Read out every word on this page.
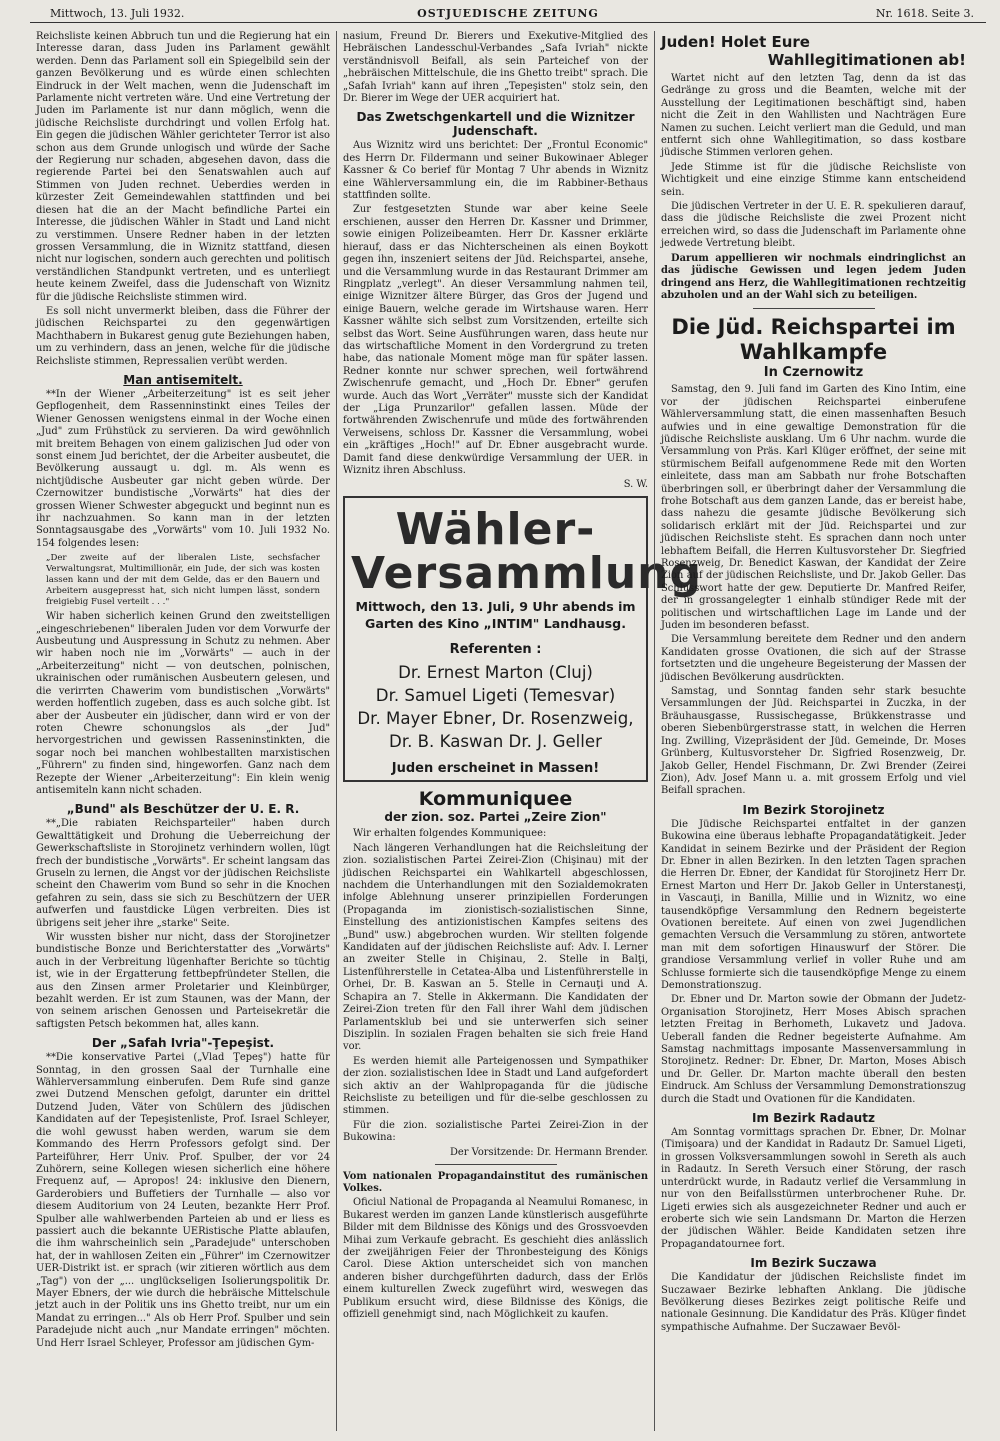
Mittwoch, 13. Juli 1932.	OSTJUEDISCHE ZEITUNG	Nr. 1618. Seite 3.

Reichsliste keinen Abbruch tun und die Regierung hat ein Interesse daran, dass Juden ins Parlament gewählt werden. Denn das Parlament soll ein Spiegelbild sein der ganzen Bevölkerung und es würde einen schlechten Eindruck in der Welt machen, wenn die Judenschaft im Parlamente nicht vertreten wäre. Und eine Vertretung der Juden im Parlamente ist nur dann möglich, wenn die jüdische Reichsliste durchdringt und vollen Erfolg hat. Ein gegen die jüdischen Wähler gerichteter Terror ist also schon aus dem Grunde unlogisch und würde der Sache der Regierung nur schaden, abgesehen davon, dass die regierende Partei bei den Senatswahlen auch auf Stimmen von Juden rechnet. Ueberdies werden in kürzester Zeit Gemeindewahlen stattfinden und bei diesen hat die an der Macht befindliche Partei ein Interesse, die jüdischen Wähler in Stadt und Land nicht zu verstimmen. Unsere Redner haben in der letzten grossen Versammlung, die in Wiznitz stattfand, diesen nicht nur logischen, sondern auch gerechten und politisch verständlichen Standpunkt vertreten, und es unterliegt heute keinem Zweifel, dass die Judenschaft von Wiznitz für die jüdische Reichsliste stimmen wird.

Es soll nicht unvermerkt bleiben, dass die Führer der jüdischen Reichspartei zu den gegenwärtigen Machthabern in Bukarest genug gute Beziehungen haben, um zu verhindern, dass an jenen, welche für die jüdische Reichsliste stimmen, Repressalien verübt werden.

Man antisemitelt.

**In der Wiener „Arbeiterzeitung" ist es seit jeher Gepflogenheit, dem Rassenninstinkt eines Teiles der Wiener Genossen wenigstens einmal in der Woche einen „Jud" zum Frühstück zu servieren. Da wird gewöhnlich mit breitem Behagen von einem galizischen Jud oder von sonst einem Jud berichtet, der die Arbeiter ausbeutet, die Bevölkerung aussaugt u. dgl. m. Als wenn es nichtjüdische Ausbeuter gar nicht geben würde. Der Czernowitzer bundistische „Vorwärts" hat dies der grossen Wiener Schwester abgeguckt und beginnt nun es ihr nachzuahmen. So kann man in der letzten Sonntagsausgabe des „Vorwärts" vom 10. Juli 1932 No. 154 folgendes lesen:

„Der zweite auf der liberalen Liste, sechsfacher Verwaltungsrat, Multimillionär, ein Jude, der sich was kosten lassen kann und der mit dem Gelde, das er den Bauern und Arbeitern ausgepresst hat, sich nicht lumpen lässt, sondern freigiebig Fusel verteilt . . ."

Wir haben sicherlich keinen Grund den zweitstelligen „eingeschriebenen" liberalen Juden vor dem Vorwurfe der Ausbeutung und Auspressung in Schutz zu nehmen. Aber wir haben noch nie im „Vorwärts" — auch in der „Arbeiterzeitung" nicht — von deutschen, polnischen, ukrainischen oder rumänischen Ausbeutern gelesen, und die verirrten Chawerim vom bundistischen „Vorwärts" werden hoffentlich zugeben, dass es auch solche gibt. Ist aber der Ausbeuter ein jüdischer, dann wird er von der roten Chewre schonungslos als „der Jud" hervorgestrichen und gewissen Rasseninstinkten, die sogar noch bei manchen wohlbestallten marxistischen „Führern" zu finden sind, hingeworfen. Ganz nach dem Rezepte der Wiener „Arbeiterzeitung": Ein klein wenig antisemiteln kann nicht schaden.

„Bund" als Beschützer der U. E. R.

**„Die rabiaten Reichsparteiler" haben durch Gewalttätigkeit und Drohung die Ueberreichung der Gewerkschaftsliste in Storojinetz verhindern wollen, lügt frech der bundistische „Vorwärts". Er scheint langsam das Gruseln zu lernen, die Angst vor der jüdischen Reichsliste scheint den Chawerim vom Bund so sehr in die Knochen gefahren zu sein, dass sie sich zu Beschützern der UER aufwerfen und faustdicke Lügen verbreiten. Dies ist übrigens seit jeher ihre „starke" Seite.

Wir wussten bisher nur nicht, dass der Storojinetzer bundistische Bonze und Berichterstatter des „Vorwärts" auch in der Verbreitung lügenhafter Berichte so tüchtig ist, wie in der Ergatterung fettbepfründeter Stellen, die aus den Zinsen armer Proletarier und Kleinbürger, bezahlt werden. Er ist zum Staunen, was der Mann, der von seinem arischen Genossen und Parteisekretär die saftigsten Petsch bekommen hat, alles kann.

Der „Safah Ivria"-Ţepeşist.

**Die konservative Partei („Vlad Ţepeş") hatte für Sonntag, in den grossen Saal der Turnhalle eine Wählerversammlung einberufen. Dem Rufe sind ganze zwei Dutzend Menschen gefolgt, darunter ein drittel Dutzend Juden, Väter von Schülern des jüdischen Kandidaten auf der Tepeşistenliste, Prof. Israel Schleyer, die wohl gewusst haben werden, warum sie dem Kommando des Herrn Professors gefolgt sind. Der Parteiführer, Herr Univ. Prof. Spulber, der vor 24 Zuhörern, seine Kollegen wiesen sicherlich eine höhere Frequenz auf, — Apropos! 24: inklusive den Dienern, Garderobiers und Buffetiers der Turnhalle — also vor diesem Auditorium von 24 Leuten, bezankte Herr Prof. Spulber alle wahlwerbenden Parteien ab und er liess es passiert auch die bekannte UERistische Platte ablaufen, die ihm wahrscheinlich sein „Paradejude" unterschoben hat, der in wahllosen Zeiten ein „Führer" im Czernowitzer UER-Distrikt ist. er sprach (wir zitieren wörtlich aus dem „Tag") von der „... unglückseligen Isolierungspolitik Dr. Mayer Ebners, der wie durch die hebräische Mittelschule jetzt auch in der Politik uns ins Ghetto treibt, nur um ein Mandat zu erringen..." Als ob Herr Prof. Spulber und sein Paradejude nicht auch „nur Mandate erringen" möchten. Und Herr Israel Schleyer, Professor am jüdischen Gym-

nasium, Freund Dr. Bierers und Exekutive-Mitglied des Hebräischen Landesschul-Verbandes „Safa Ivriah" nickte verständnisvoll Beifall, als sein Parteichef von der „hebräischen Mittelschule, die ins Ghetto treibt" sprach. Die „Safah Ivriah" kann auf ihren „Tepeşisten" stolz sein, den Dr. Bierer im Wege der UER acquiriert hat.

Das Zwetschgenkartell und die Wiznitzer Judenschaft.

Aus Wiznitz wird uns berichtet: Der „Frontul Economic" des Herrn Dr. Fildermann und seiner Bukowinaer Ableger Kassner & Co berief für Montag 7 Uhr abends in Wiznitz eine Wählerversammlung ein, die im Rabbiner-Bethaus stattfinden sollte.

Zur festgesetzten Stunde war aber keine Seele erschienen, ausser den Herren Dr. Kassner und Drimmer, sowie einigen Polizeibeamten. Herr Dr. Kassner erklärte hierauf, dass er das Nichterscheinen als einen Boykott gegen ihn, inszeniert seitens der Jüd. Reichspartei, ansehe, und die Versammlung wurde in das Restaurant Drimmer am Ringplatz „verlegt". An dieser Versammlung nahmen teil, einige Wiznitzer ältere Bürger, das Gros der Jugend und einige Bauern, welche gerade im Wirtshause waren. Herr Kassner wählte sich selbst zum Vorsitzenden, erteilte sich selbst das Wort. Seine Ausführungen waren, dass heute nur das wirtschaftliche Moment in den Vordergrund zu treten habe, das nationale Moment möge man für später lassen. Redner konnte nur schwer sprechen, weil fortwährend Zwischenrufe gemacht, und „Hoch Dr. Ebner" gerufen wurde. Auch das Wort „Verräter" musste sich der Kandidat der „Liga Prunzarilor" gefallen lassen. Müde der fortwährenden Zwischenrufe und müde des fortwährenden Verweisens, schloss Dr. Kassner die Versammlung, wobei ein „kräftiges „Hoch!" auf Dr. Ebner ausgebracht wurde. Damit fand diese denkwürdige Versammlung der UER. in Wiznitz ihren Abschluss.

S. W.
Wähler-Versammlung
Mittwoch, den 13. Juli, 9 Uhr abends im Garten des Kino „INTIM" Landhausg.
Referenten :
Dr. Ernest Marton (Cluj)
Dr. Samuel Ligeti (Temesvar)
Dr. Mayer Ebner, Dr. Rosenzweig,
Dr. B. Kaswan Dr. J. Geller
Juden erscheinet in Massen!
Kommuniquee
der zion. soz. Partei „Zeire Zion"

Wir erhalten folgendes Kommuniquee:

Nach längeren Verhandlungen hat die Reichsleitung der zion. sozialistischen Partei Zeirei-Zion (Chişinau) mit der jüdischen Reichspartei ein Wahlkartell abgeschlossen, nachdem die Unterhandlungen mit den Sozialdemokraten infolge Ablehnung unserer prinzipiellen Forderungen (Propaganda im zionistisch-sozialistischen Sinne, Einstellung des antizionistischen Kampfes seitens des „Bund" usw.) abgebrochen wurden. Wir stellten folgende Kandidaten auf der jüdischen Reichsliste auf: Adv. I. Lerner an zweiter Stelle in Chişinau, 2. Stelle in Balţi, Listenführerstelle in Cetatea-Alba und Listenführerstelle in Orhei, Dr. B. Kaswan an 5. Stelle in Cernauţi und A. Schapira an 7. Stelle in Akkermann. Die Kandidaten der Zeirei-Zion treten für den Fall ihrer Wahl dem jüdischen Parlamentsklub bei und sie unterwerfen sich seiner Disziplin. In sozialen Fragen behalten sie sich freie Hand vor.

Es werden hiemit alle Parteigenossen und Sympathiker der zion. sozialistischen Idee in Stadt und Land aufgefordert sich aktiv an der Wahlpropaganda für die jüdische Reichsliste zu beteiligen und für die-selbe geschlossen zu stimmen.

Für die zion. sozialistische Partei Zeirei-Zion in der Bukowina:

Der Vorsitzende: Dr. Hermann Brender.

Vom nationalen Propagandainstitut des rumänischen Volkes.

Oficiul National de Propaganda al Neamului Romanesc, in Bukarest werden im ganzen Lande künstlerisch ausgeführte Bilder mit dem Bildnisse des Königs und des Grossvoevden Mihai zum Verkaufe gebracht. Es geschieht dies anlässlich der zweijährigen Feier der Thronbesteigung des Königs Carol. Diese Aktion unterscheidet sich von manchen anderen bisher durchgeführten dadurch, dass der Erlös einem kulturellen Zweck zugeführt wird, weswegen das Publikum ersucht wird, diese Bildnisse des Königs, die offiziell genehmigt sind, nach Möglichkeit zu kaufen.

Juden! Holet Eure
Wahllegitimationen ab!

Wartet nicht auf den letzten Tag, denn da ist das Gedränge zu gross und die Beamten, welche mit der Ausstellung der Legitimationen beschäftigt sind, haben nicht die Zeit in den Wahllisten und Nachträgen Eure Namen zu suchen. Leicht verliert man die Geduld, und man entfernt sich ohne Wahllegitimation, so dass kostbare jüdische Stimmen verloren gehen.

Jede Stimme ist für die jüdische Reichsliste von Wichtigkeit und eine einzige Stimme kann entscheidend sein.

Die jüdischen Vertreter in der U. E. R. spekulieren darauf, dass die jüdische Reichsliste die zwei Prozent nicht erreichen wird, so dass die Judenschaft im Parlamente ohne jedwede Vertretung bleibt.

Darum appellieren wir nochmals eindringlichst an das jüdische Gewissen und legen jedem Juden dringend ans Herz, die Wahllegitimationen rechtzeitig abzuholen und an der Wahl sich zu beteiligen.

Die Jüd. Reichspartei im Wahlkampfe
In Czernowitz

Samstag, den 9. Juli fand im Garten des Kino Intim, eine vor der jüdischen Reichspartei einberufene Wählerversammlung statt, die einen massenhaften Besuch aufwies und in eine gewaltige Demonstration für die jüdische Reichsliste ausklang. Um 6 Uhr nachm. wurde die Versammlung von Präs. Karl Klüger eröffnet, der seine mit stürmischem Beifall aufgenommene Rede mit den Worten einleitete, dass man am Sabbath nur frohe Botschaften überbringen soll, er überbringt daher der Versammlung die frohe Botschaft aus dem ganzen Lande, das er bereist habe, dass nahezu die gesamte jüdische Bevölkerung sich solidarisch erklärt mit der Jüd. Reichspartei und zur jüdischen Reichsliste steht. Es sprachen dann noch unter lebhaftem Beifall, die Herren Kultusvorsteher Dr. Siegfried Rosenzweig, Dr. Benedict Kaswan, der Kandidat der Zeire Zion auf der jüdischen Reichsliste, und Dr. Jakob Geller. Das Schlusswort hatte der gew. Deputierte Dr. Manfred Reifer, der in grossangelegter 1 einhalb stündiger Rede mit der politischen und wirtschaftlichen Lage im Lande und der Juden im besonderen befasst.

Die Versammlung bereitete dem Redner und den andern Kandidaten grosse Ovationen, die sich auf der Strasse fortsetzten und die ungeheure Begeisterung der Massen der jüdischen Bevölkerung ausdrückten.

Samstag, und Sonntag fanden sehr stark besuchte Versammlungen der Jüd. Reichspartei in Zuczka, in der Bräuhausgasse, Russischegasse, Brükkenstrasse und oberen Siebenbürgerstrasse statt, in welchen die Herren Ing. Zwilling, Vizepräsident der Jüd. Gemeinde, Dr. Moses Grünberg, Kultusvorsteher Dr. Sigfried Rosenzweig, Dr. Jakob Geller, Hendel Fischmann, Dr. Zwi Brender (Zeirei Zion), Adv. Josef Mann u. a. mit grossem Erfolg und viel Beifall sprachen.

Im Bezirk Storojinetz

Die Jüdische Reichspartei entfaltet in der ganzen Bukowina eine überaus lebhafte Propagandatätigkeit. Jeder Kandidat in seinem Bezirke und der Präsident der Region Dr. Ebner in allen Bezirken. In den letzten Tagen sprachen die Herren Dr. Ebner, der Kandidat für Storojinetz Herr Dr. Ernest Marton und Herr Dr. Jakob Geller in Unterstanesţi, in Vascauţi, in Banilla, Millie und in Wiznitz, wo eine tausendköpfige Versammlung den Rednern begeisterte Ovationen bereitete. Auf einen von zwei Jugendlichen gemachten Versuch die Versammlung zu stören, antwortete man mit dem sofortigen Hinauswurf der Störer. Die grandiose Versammlung verlief in voller Ruhe und am Schlusse formierte sich die tausendköpfige Menge zu einem Demonstrationszug.

Dr. Ebner und Dr. Marton sowie der Obmann der Judetz-Organisation Storojinetz, Herr Moses Abisch sprachen letzten Freitag in Berhometh, Lukavetz und Jadova. Ueberall fanden die Redner begeisterte Aufnahme. Am Samstag nachmittags imposante Massenversammlung in Storojinetz. Redner: Dr. Ebner, Dr. Marton, Moses Abisch und Dr. Geller. Dr. Marton machte überall den besten Eindruck. Am Schluss der Versammlung Demonstrationszug durch die Stadt und Ovationen für die Kandidaten.

Im Bezirk Radautz

Am Sonntag vormittags sprachen Dr. Ebner, Dr. Molnar (Timişoara) und der Kandidat in Radautz Dr. Samuel Ligeti, in grossen Volksversammlungen sowohl in Sereth als auch in Radautz. In Sereth Versuch einer Störung, der rasch unterdrückt wurde, in Radautz verlief die Versammlung in nur von den Beifallsstürmen unterbrochener Ruhe. Dr. Ligeti erwies sich als ausgezeichneter Redner und auch er eroberte sich wie sein Landsmann Dr. Marton die Herzen der jüdischen Wähler. Beide Kandidaten setzen ihre Propagandatournee fort.

Im Bezirk Suczawa

Die Kandidatur der jüdischen Reichsliste findet im Suczawaer Bezirke lebhaften Anklang. Die jüdische Bevölkerung dieses Bezirkes zeigt politische Reife und nationale Gesinnung. Die Kandidatur des Präs. Klüger findet sympathische Aufnahme. Der Suczawaer Bevöl-
